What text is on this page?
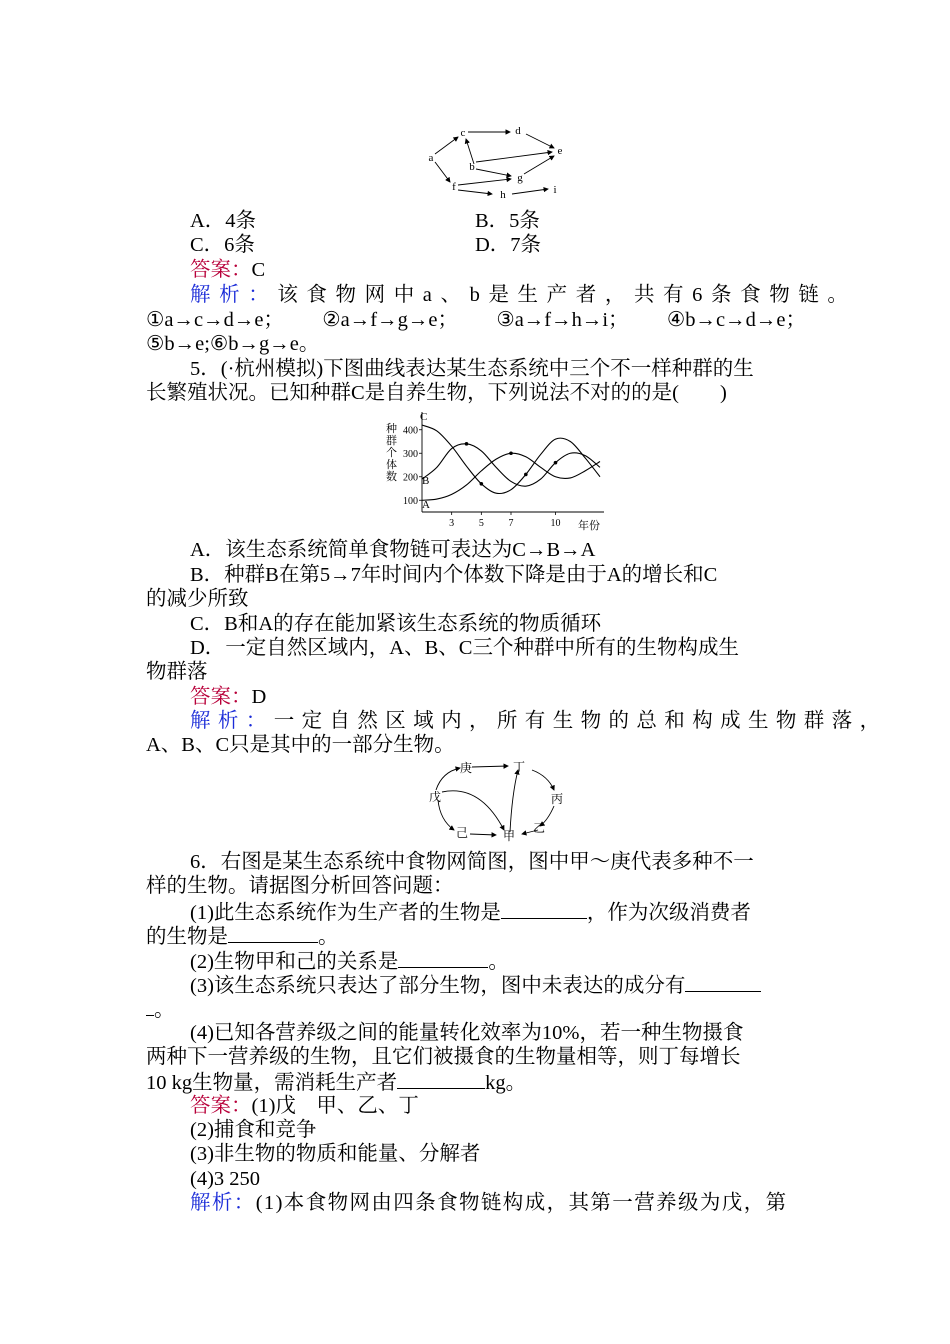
a
c	d
e
b
g
f
h	i
A．4条	B．5条
C．6条	D．7条
答案：C
解析：该食物网中a、b是生产者，共有6条食物链。
①a→c→d→e； ②a→f→g→e； ③a→f→h→i； ④b→c→d→e；
⑤b→e;⑥b→g→e。
5．(·杭州模拟)下图曲线表达某生态系统中三个不一样种群的生
长繁殖状况。已知种群C是自养生物，下列说法不对的的是(　　)
C
B
A
种群个体数
年份
100
200
300
400
3 5 7	10
A．该生态系统简单食物链可表达为C→B→A
B．种群B在第5→7年时间内个体数下降是由于A的增长和C
的减少所致
C．B和A的存在能加紧该生态系统的物质循环
D．一定自然区域内，A、B、C三个种群中所有的生物构成生
物群落
答案：D
解析：一定自然区域内，所有生物的总和构成生物群落，
A、B、C只是其中的一部分生物。
庚	丁
戊	丙
己	甲
乙
6．右图是某生态系统中食物网简图，图中甲～庚代表多种不一
样的生物。请据图分析回答问题：
(1)此生态系统作为生产者的生物是	，作为次级消费者
的生物是	。
(2)生物甲和己的关系是	。
(3)该生态系统只表达了部分生物，图中未表达的成分有
。
(4)已知各营养级之间的能量转化效率为10%，若一种生物摄食
两种下一营养级的生物，且它们被摄食的生物量相等，则丁每增长
10 kg生物量，需消耗生产者	kg。
答案：(1)戊　甲、乙、丁
(2)捕食和竞争
(3)非生物的物质和能量、分解者
(4)3 250
解析：(1)本食物网由四条食物链构成，其第一营养级为戊，第
